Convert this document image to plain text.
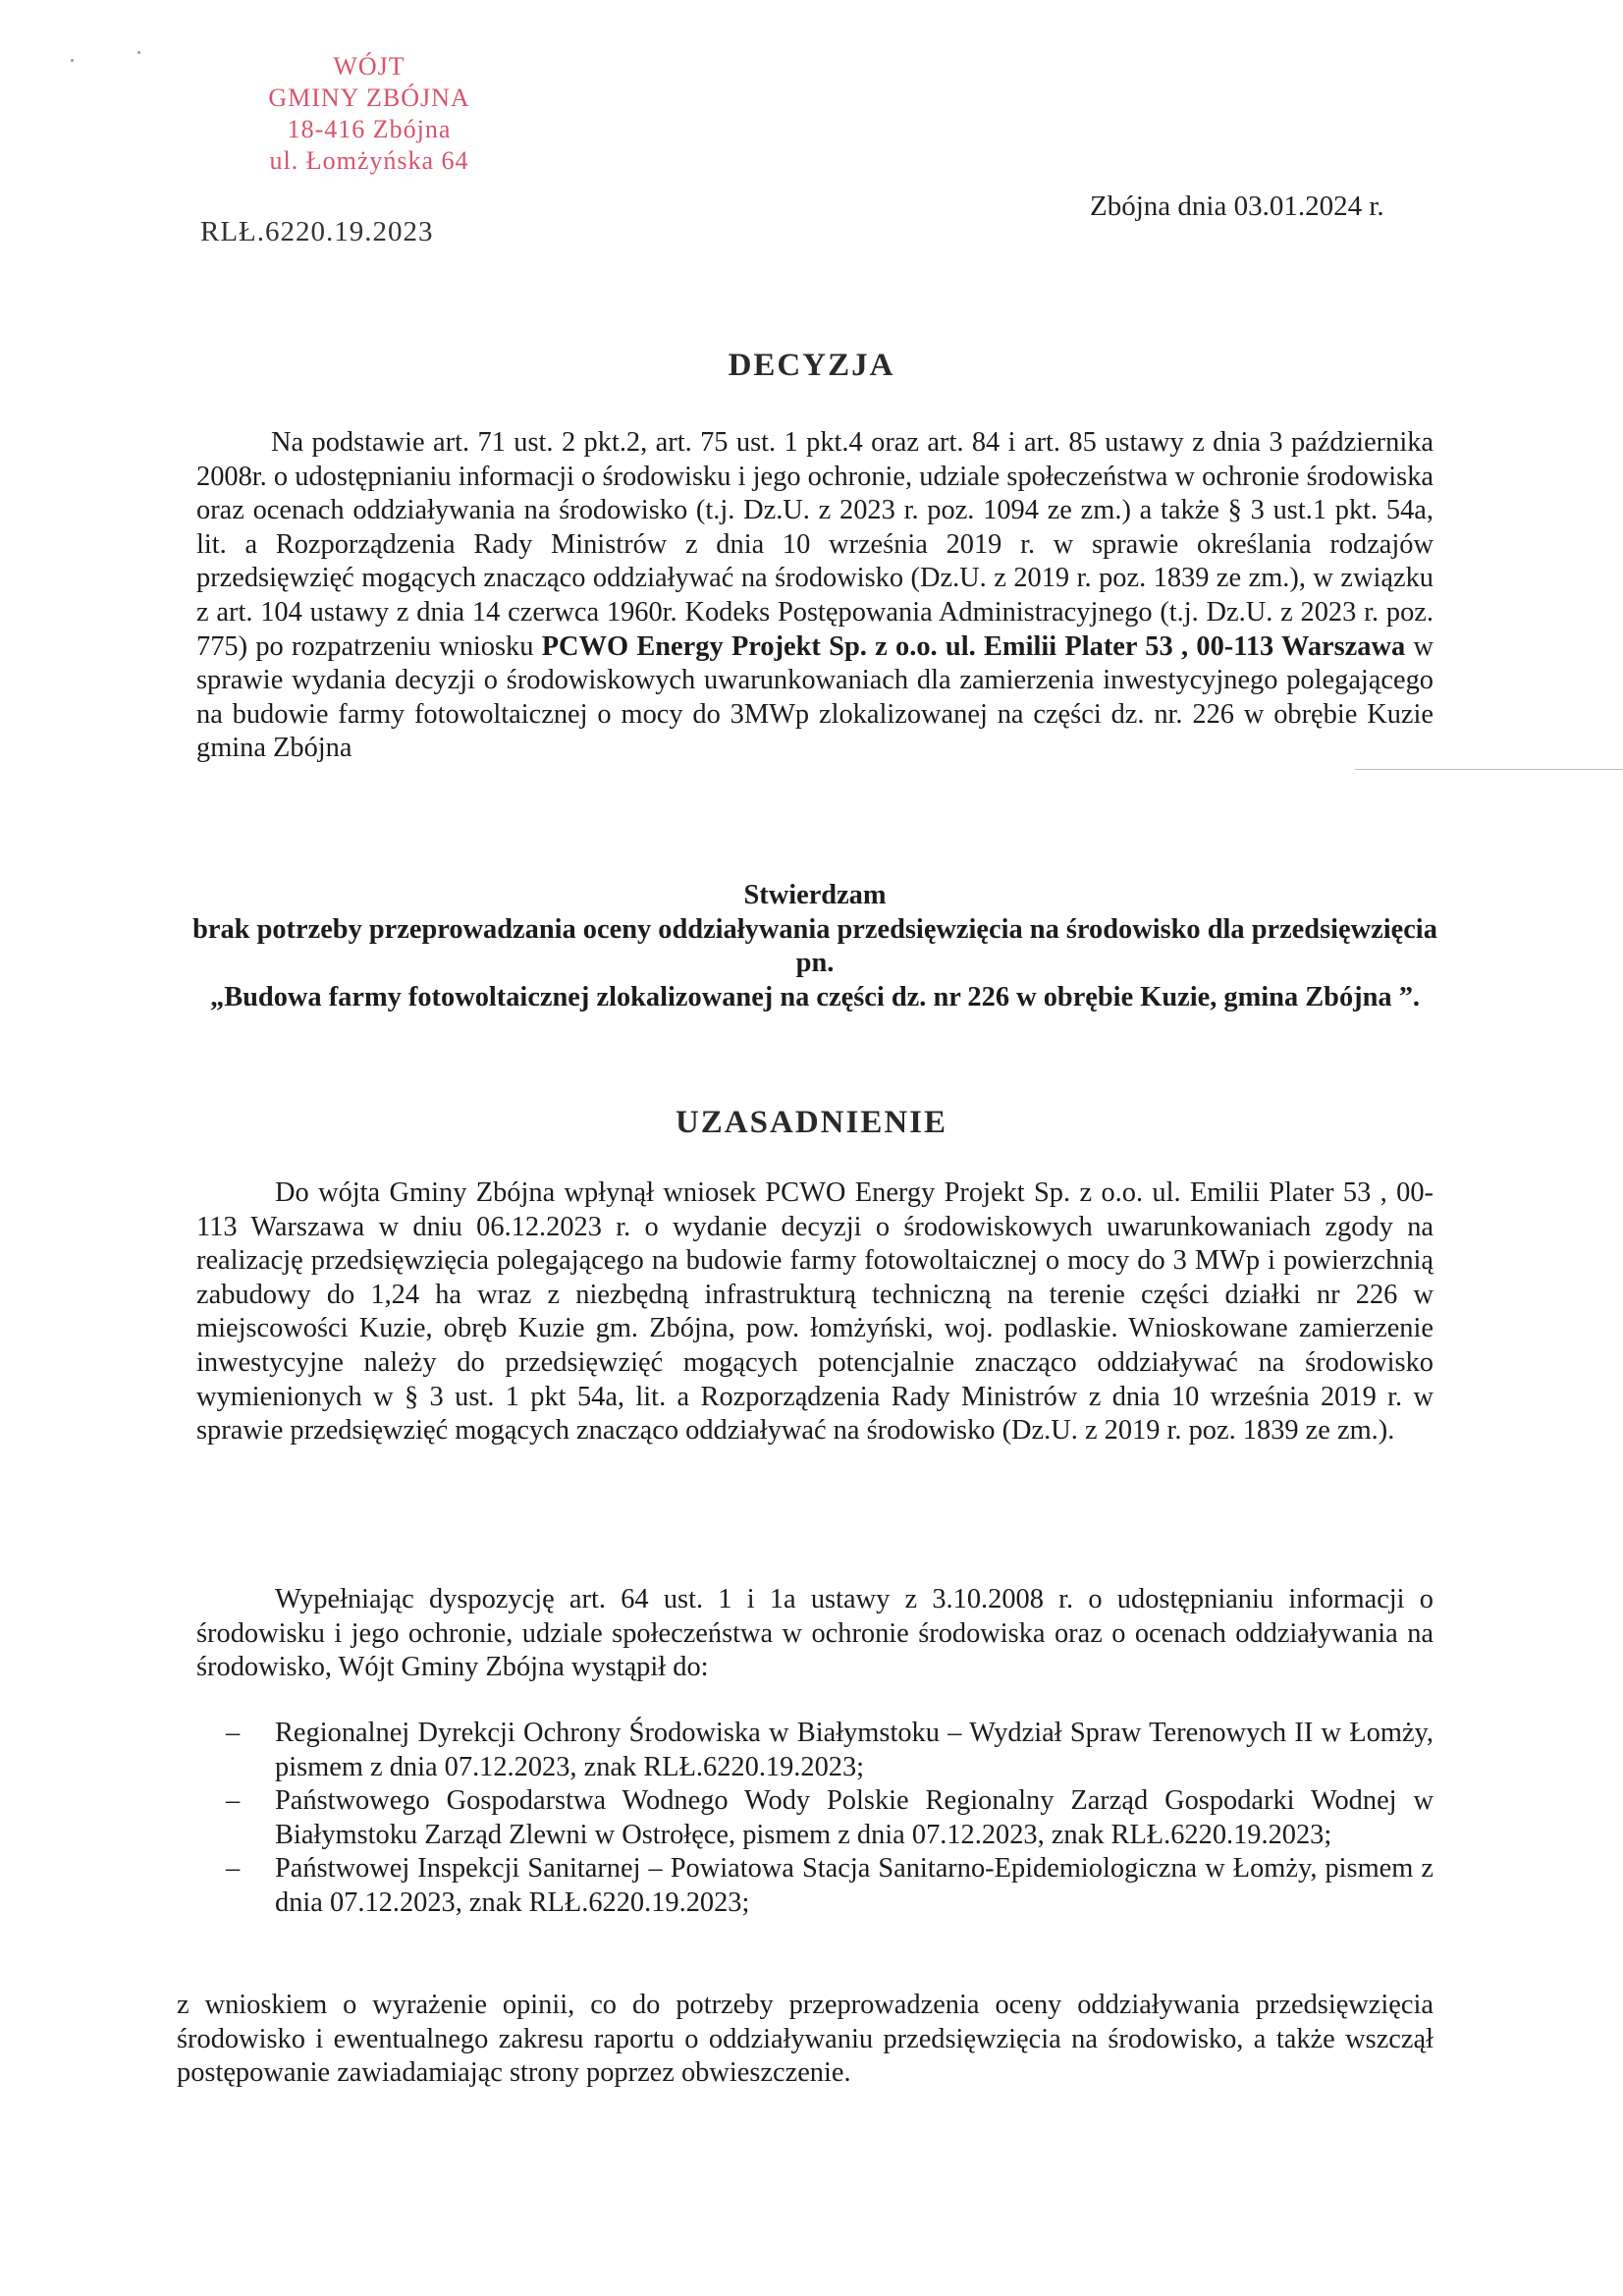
WÓJT
GMINY ZBÓJNA
18-416 Zbójna
ul. Łomżyńska 64
RLŁ.6220.19.2023
Zbójna dnia 03.01.2024 r.
DECYZJA
Na podstawie art. 71 ust. 2 pkt.2, art. 75 ust. 1 pkt.4 oraz art. 84 i art. 85 ustawy z dnia 3 października 2008r. o udostępnianiu informacji o środowisku i jego ochronie, udziale społeczeństwa w ochronie środowiska oraz ocenach oddziaływania na środowisko (t.j. Dz.U. z 2023 r. poz. 1094 ze zm.) a także § 3 ust.1 pkt. 54a, lit. a Rozporządzenia Rady Ministrów z dnia 10 września 2019 r. w sprawie określania rodzajów przedsięwzięć mogących znacząco oddziaływać na środowisko (Dz.U. z 2019 r. poz. 1839 ze zm.), w związku z art. 104 ustawy z dnia 14 czerwca 1960r. Kodeks Postępowania Administracyjnego (t.j. Dz.U. z 2023 r. poz. 775) po rozpatrzeniu wniosku PCWO Energy Projekt Sp. z o.o. ul. Emilii Plater 53 , 00-113 Warszawa w sprawie wydania decyzji o środowiskowych uwarunkowaniach dla zamierzenia inwestycyjnego polegającego na budowie farmy fotowoltaicznej o mocy do 3MWp zlokalizowanej na części dz. nr. 226 w obrębie Kuzie gmina Zbójna
Stwierdzam
brak potrzeby przeprowadzania oceny oddziaływania przedsięwzięcia na środowisko dla przedsięwzięcia pn.
„Budowa farmy fotowoltaicznej zlokalizowanej na części dz. nr 226 w obrębie Kuzie, gmina Zbójna ”.
UZASADNIENIE
Do wójta Gminy Zbójna wpłynął wniosek PCWO Energy Projekt Sp. z o.o. ul. Emilii Plater 53 , 00-113 Warszawa w dniu 06.12.2023 r. o wydanie decyzji o środowiskowych uwarunkowaniach zgody na realizację przedsięwzięcia polegającego na budowie farmy fotowoltaicznej o mocy do 3 MWp i powierzchnią zabudowy do 1,24 ha wraz z niezbędną infrastrukturą techniczną na terenie części działki nr 226 w miejscowości Kuzie, obręb Kuzie gm. Zbójna, pow. łomżyński, woj. podlaskie. Wnioskowane zamierzenie inwestycyjne należy do przedsięwzięć mogących potencjalnie znacząco oddziaływać na środowisko wymienionych w § 3 ust. 1 pkt 54a, lit. a Rozporządzenia Rady Ministrów z dnia 10 września 2019 r. w sprawie przedsięwzięć mogących znacząco oddziaływać na środowisko (Dz.U. z 2019 r. poz. 1839 ze zm.).
Wypełniając dyspozycję art. 64 ust. 1 i 1a ustawy z 3.10.2008 r. o udostępnianiu informacji o środowisku i jego ochronie, udziale społeczeństwa w ochronie środowiska oraz o ocenach oddziaływania na środowisko, Wójt Gminy Zbójna wystąpił do:
– Regionalnej Dyrekcji Ochrony Środowiska w Białymstoku – Wydział Spraw Terenowych II w Łomży, pismem z dnia 07.12.2023, znak RLŁ.6220.19.2023;
– Państwowego Gospodarstwa Wodnego Wody Polskie Regionalny Zarząd Gospodarki Wodnej w Białymstoku Zarząd Zlewni w Ostrołęce, pismem z dnia 07.12.2023, znak RLŁ.6220.19.2023;
– Państwowej Inspekcji Sanitarnej – Powiatowa Stacja Sanitarno-Epidemiologiczna w Łomży, pismem z dnia 07.12.2023, znak RLŁ.6220.19.2023;
z wnioskiem o wyrażenie opinii, co do potrzeby przeprowadzenia oceny oddziaływania przedsięwzięcia środowisko i ewentualnego zakresu raportu o oddziaływaniu przedsięwzięcia na środowisko, a także wszczął postępowanie zawiadamiając strony poprzez obwieszczenie.
